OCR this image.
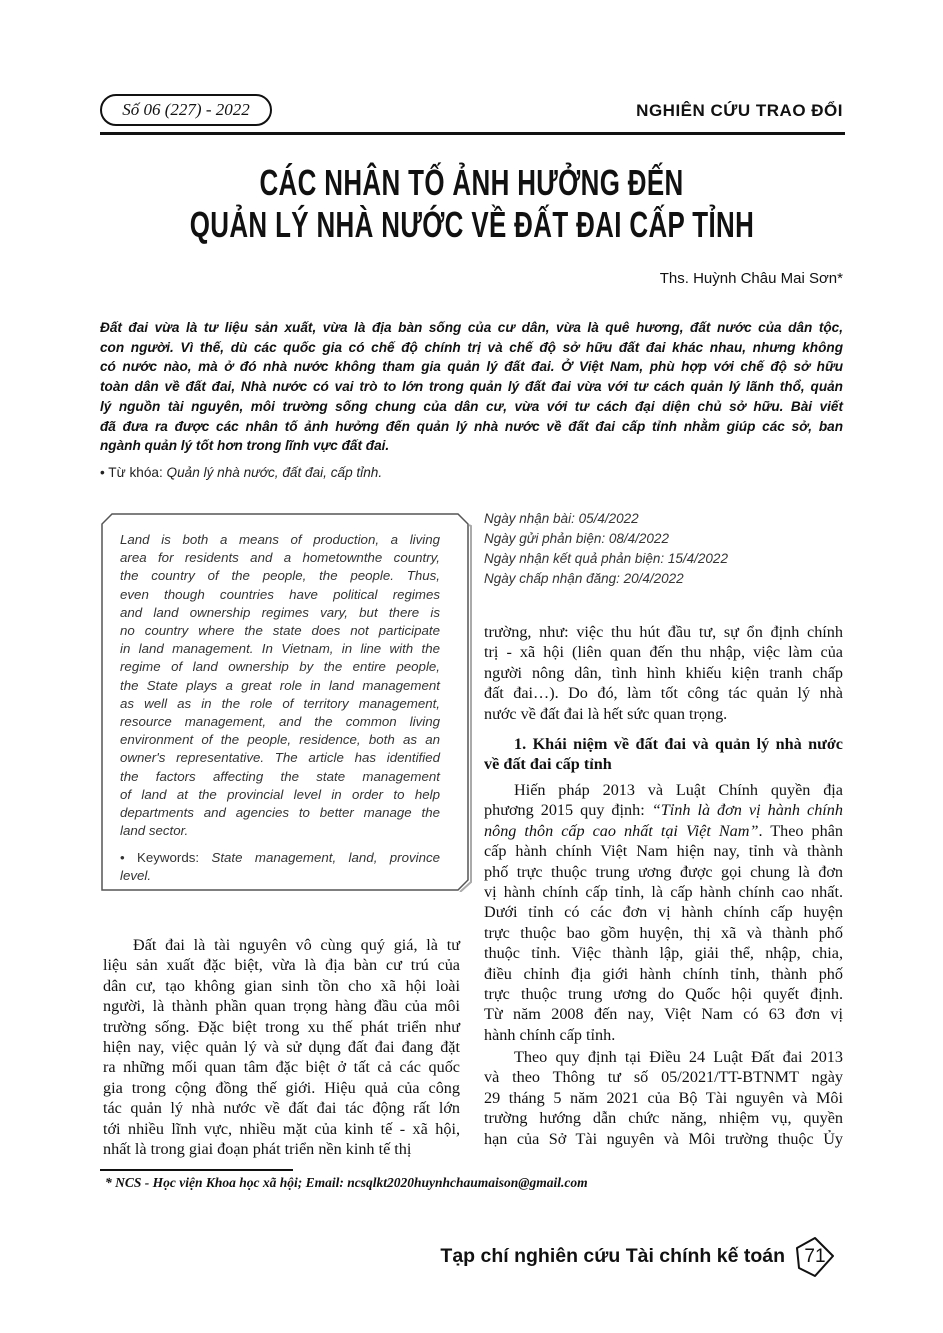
Số 06 (227) - 2022	NGHIÊN CỨU TRAO ĐỔI
CÁC NHÂN TỐ ẢNH HƯỞNG ĐẾN
QUẢN LÝ NHÀ NƯỚC VỀ ĐẤT ĐAI CẤP TỈNH
Ths. Huỳnh Châu Mai Sơn*
Đất đai vừa là tư liệu sản xuất, vừa là địa bàn sống của cư dân, vừa là quê hương, đất nước của dân tộc,
con người. Vì thế, dù các quốc gia có chế độ chính trị và chế độ sở hữu đất đai khác nhau, nhưng không
có nước nào, mà ở đó nhà nước không tham gia quản lý đất đai. Ở Việt Nam, phù hợp với chế độ sở hữu
toàn dân về đất đai, Nhà nước có vai trò to lớn trong quản lý đất đai vừa với tư cách quản lý lãnh thổ, quản
lý nguồn tài nguyên, môi trường sống chung của dân cư, vừa với tư cách đại diện chủ sở hữu. Bài viết
đã đưa ra được các nhân tố ảnh hưởng đến quản lý nhà nước về đất đai cấp tỉnh nhằm giúp các sở, ban
ngành quản lý tốt hơn trong lĩnh vực đất đai.
• Từ khóa: Quản lý nhà nước, đất đai, cấp tỉnh.
Land is both a means of production, a living
area for residents and a hometownthe country,
the country of the people, the people. Thus,
even though countries have political regimes
and land ownership regimes vary, but there is
no country where the state does not participate
in land management. In Vietnam, in line with the
regime of land ownership by the entire people,
the State plays a great role in land management
as well as in the role of territory management,
resource management, and the common living
environment of the people, residence, both as an
owner's representative. The article has identified
the factors affecting the state management
of land at the provincial level in order to help
departments and agencies to better manage the
land sector.
• Keywords: State management, land, province
level.
Ngày nhận bài: 05/4/2022
Ngày gửi phản biện: 08/4/2022
Ngày nhận kết quả phản biện: 15/4/2022
Ngày chấp nhận đăng: 20/4/2022
Đất đai là tài nguyên vô cùng quý giá, là tư
liệu sản xuất đặc biệt, vừa là địa bàn cư trú của
dân cư, tạo không gian sinh tồn cho xã hội loài
người, là thành phần quan trọng hàng đầu của môi
trường sống. Đặc biệt trong xu thế phát triển như
hiện nay, việc quản lý và sử dụng đất đai đang đặt
ra những mối quan tâm đặc biệt ở tất cả các quốc
gia trong cộng đồng thế giới. Hiệu quả của công
tác quản lý nhà nước về đất đai tác động rất lớn
tới nhiều lĩnh vực, nhiều mặt của kinh tế - xã hội,
nhất là trong giai đoạn phát triển nền kinh tế thị
trường, như: việc thu hút đầu tư, sự ổn định chính
trị - xã hội (liên quan đến thu nhập, việc làm của
người nông dân, tình hình khiếu kiện tranh chấp
đất đai…). Do đó, làm tốt công tác quản lý nhà
nước về đất đai là hết sức quan trọng.
1. Khái niệm về đất đai và quản lý nhà nước
về đất đai cấp tỉnh
Hiến pháp 2013 và Luật Chính quyền địa
phương 2015 quy định: “Tỉnh là đơn vị hành chính
nông thôn cấp cao nhất tại Việt Nam”. Theo phân
cấp hành chính Việt Nam hiện nay, tỉnh và thành
phố trực thuộc trung ương được gọi chung là đơn
vị hành chính cấp tỉnh, là cấp hành chính cao nhất.
Dưới tỉnh có các đơn vị hành chính cấp huyện
trực thuộc bao gồm huyện, thị xã và thành phố
thuộc tỉnh. Việc thành lập, giải thể, nhập, chia,
điều chỉnh địa giới hành chính tỉnh, thành phố
trực thuộc trung ương do Quốc hội quyết định.
Từ năm 2008 đến nay, Việt Nam có 63 đơn vị
hành chính cấp tỉnh.
Theo quy định tại Điều 24 Luật Đất đai 2013
và theo Thông tư số 05/2021/TT-BTNMT ngày
29 tháng 5 năm 2021 của Bộ Tài nguyên và Môi
trường hướng dẫn chức năng, nhiệm vụ, quyền
hạn của Sở Tài nguyên và Môi trường thuộc Ủy
* NCS - Học viện Khoa học xã hội; Email: ncsqlkt2020huynhchaumaison@gmail.com
Tạp chí nghiên cứu Tài chính kế toán	71
